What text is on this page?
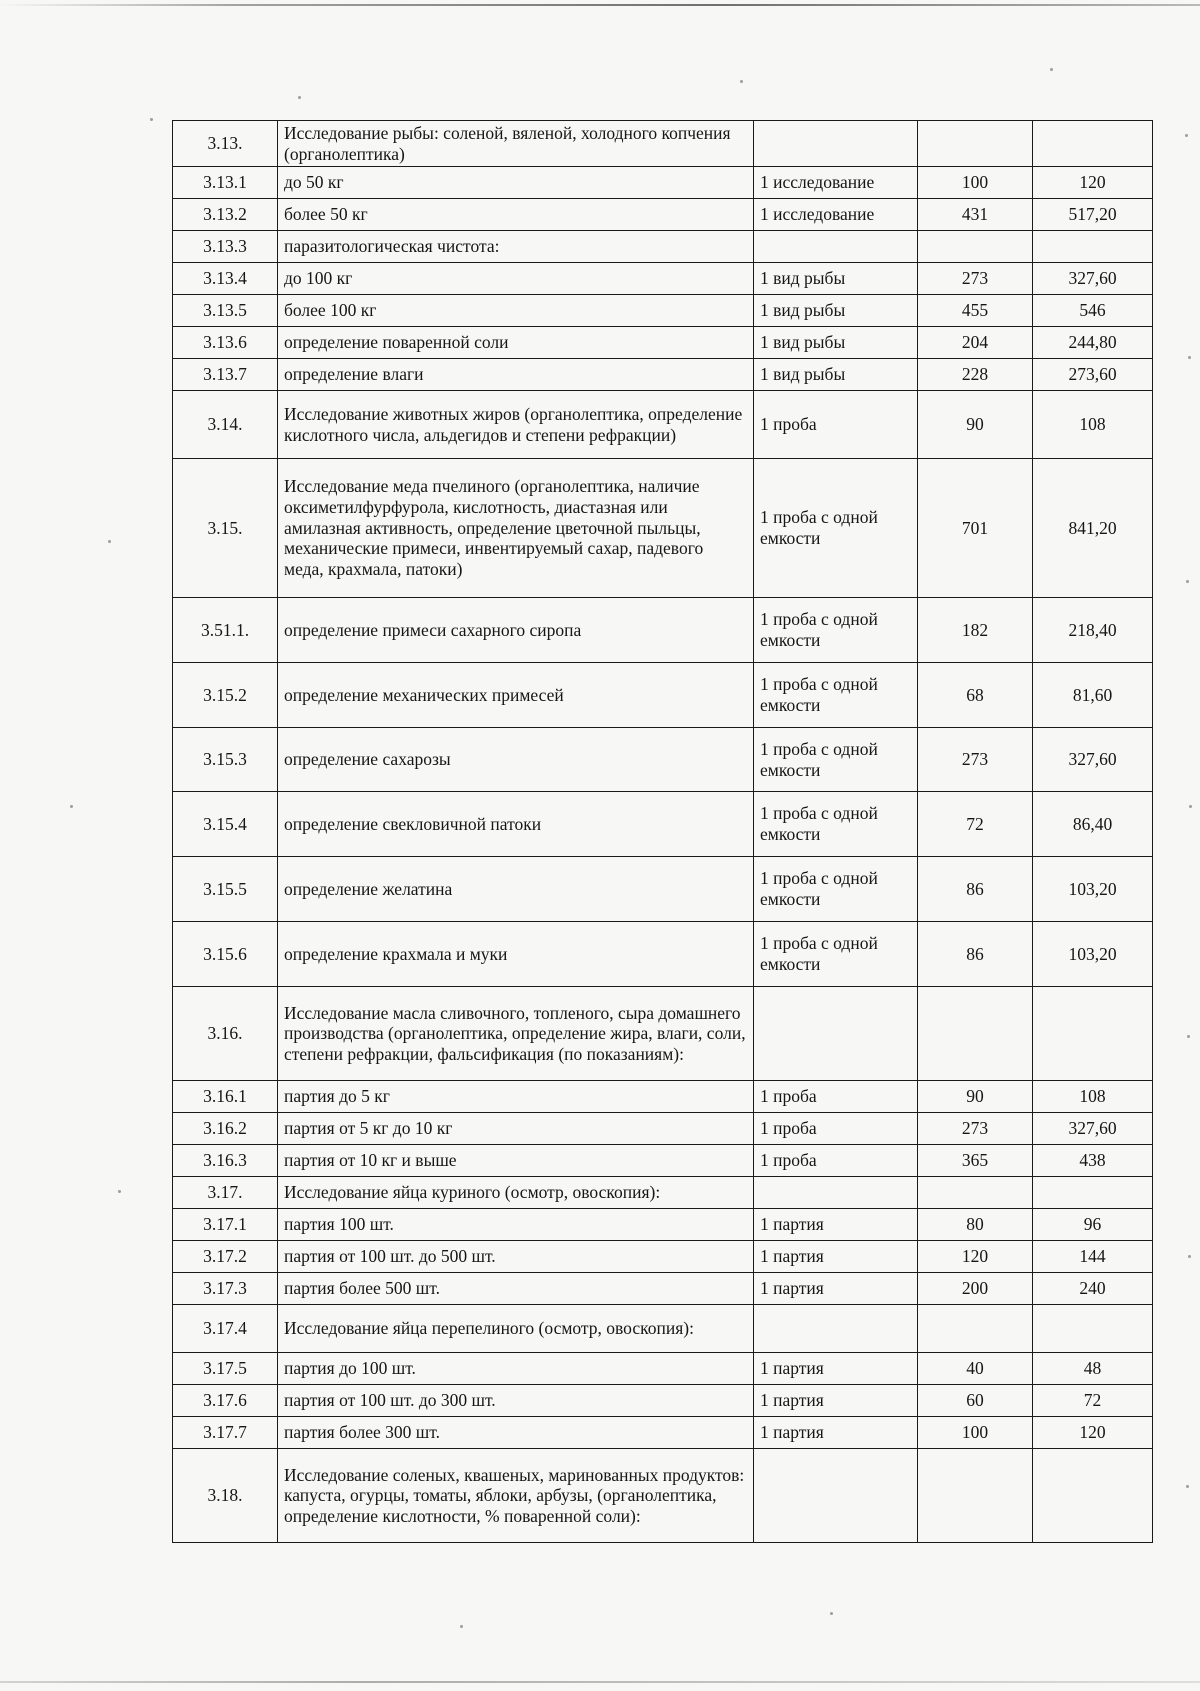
3.13.	Исследование рыбы: соленой, вяленой, холодного копчения (органолептика)			
3.13.1	до 50 кг	1 исследование	100	120
3.13.2	более 50 кг	1 исследование	431	517,20
3.13.3	паразитологическая чистота:			
3.13.4	до 100 кг	1 вид рыбы	273	327,60
3.13.5	более 100 кг	1 вид рыбы	455	546
3.13.6	определение поваренной соли	1 вид рыбы	204	244,80
3.13.7	определение влаги	1 вид рыбы	228	273,60
3.14.	Исследование животных жиров (органолептика, определение кислотного числа, альдегидов и степени рефракции)	1 проба	90	108
3.15.	Исследование меда пчелиного (органолептика, наличие оксиметилфурфурола, кислотность, диастазная или амилазная активность, определение цветочной пыльцы, механические примеси, инвентируемый сахар, падевого меда, крахмала, патоки)	1 проба с одной емкости	701	841,20
3.51.1.	определение примеси сахарного сиропа	1 проба с одной емкости	182	218,40
3.15.2	определение механических примесей	1 проба с одной емкости	68	81,60
3.15.3	определение сахарозы	1 проба с одной емкости	273	327,60
3.15.4	определение свекловичной патоки	1 проба с одной емкости	72	86,40
3.15.5	определение желатина	1 проба с одной емкости	86	103,20
3.15.6	определение крахмала и муки	1 проба с одной емкости	86	103,20
3.16.	Исследование масла сливочного, топленого, сыра домашнего производства (органолептика, определение жира, влаги, соли, степени рефракции, фальсификация (по показаниям):			
3.16.1	партия до 5 кг	1 проба	90	108
3.16.2	партия от 5 кг до 10 кг	1 проба	273	327,60
3.16.3	партия от 10 кг и выше	1 проба	365	438
3.17.	Исследование яйца куриного (осмотр, овоскопия):			
3.17.1	партия 100 шт.	1 партия	80	96
3.17.2	партия от 100 шт. до 500 шт.	1 партия	120	144
3.17.3	партия более 500 шт.	1 партия	200	240
3.17.4	Исследование яйца перепелиного (осмотр, овоскопия):			
3.17.5	партия до 100 шт.	1 партия	40	48
3.17.6	партия от 100 шт. до 300 шт.	1 партия	60	72
3.17.7	партия более 300 шт.	1 партия	100	120
3.18.	Исследование соленых, квашеных, маринованных продуктов: капуста, огурцы, томаты, яблоки, арбузы, (органолептика, определение кислотности, % поваренной соли):			
